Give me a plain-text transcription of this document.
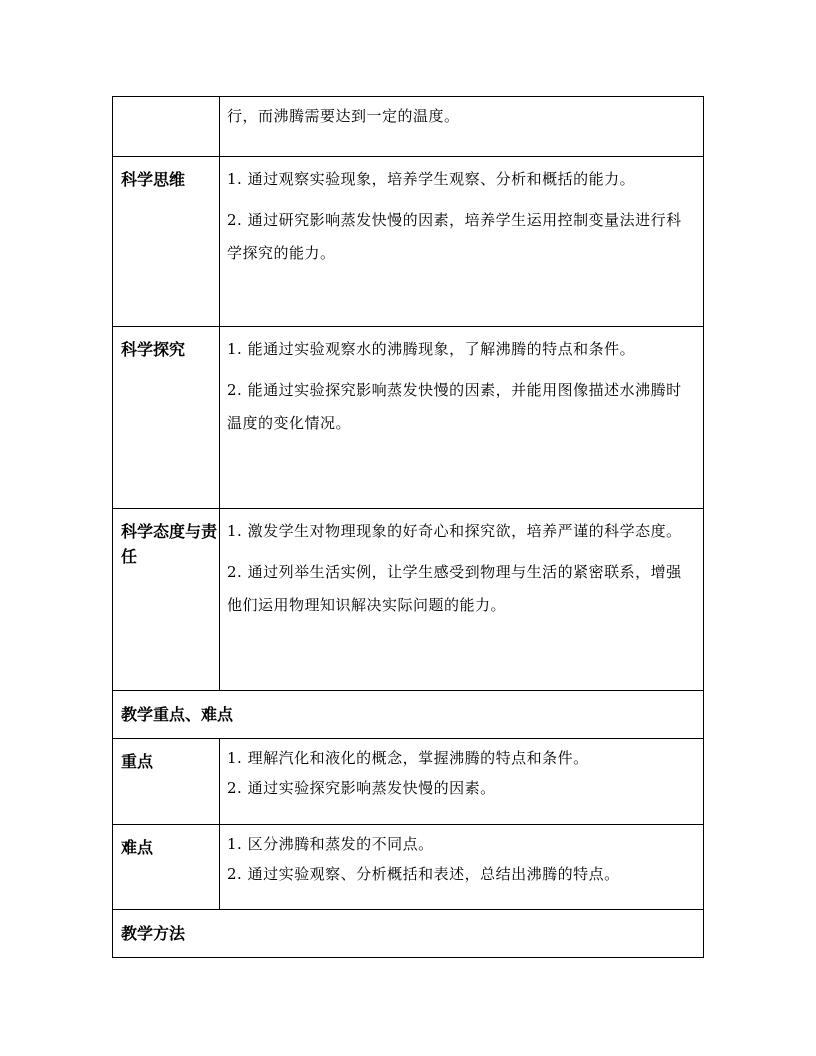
	行，而沸腾需要达到一定的温度。

科学思维	1. 通过观察实验现象，培养学生观察、分析和概括的能力。

2. 通过研究影响蒸发快慢的因素，培养学生运用控制变量法进行科学探究的能力。

科学探究	1. 能通过实验观察水的沸腾现象，了解沸腾的特点和条件。

2. 能通过实验探究影响蒸发快慢的因素，并能用图像描述水沸腾时温度的变化情况。

科学态度与责任	1. 激发学生对物理现象的好奇心和探究欲，培养严谨的科学态度。

2. 通过列举生活实例，让学生感受到物理与生活的紧密联系，增强他们运用物理知识解决实际问题的能力。

教学重点、难点	
重点	1. 理解汽化和液化的概念，掌握沸腾的特点和条件。

2. 通过实验探究影响蒸发快慢的因素。

难点	1. 区分沸腾和蒸发的不同点。

2. 通过实验观察、分析概括和表述，总结出沸腾的特点。

教学方法	
